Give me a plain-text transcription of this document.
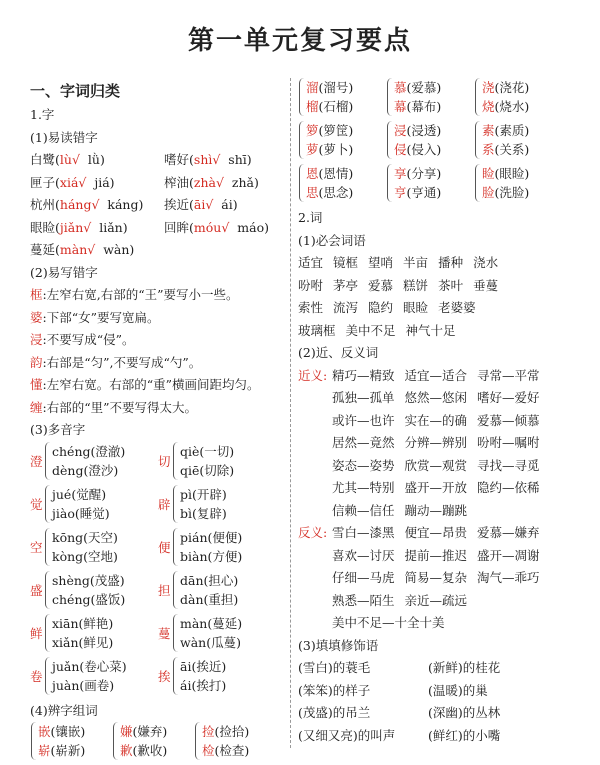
第一单元复习要点
一、字词归类
1.字
(1)易读错字
白鹭(lù√ lǜ)	嗜好(shì√ shī)
匣子(xiá√ jiá)	榨油(zhà√ zhǎ)
杭州(háng√ káng) 挨近(āi√ ái)
眼睑(jiǎn√ liǎn)	回眸(móu√ máo)
蔓延(màn√ wàn)
(2)易写错字
框:左窄右宽,右部的“王”要写小一些。
婆:下部“女”要写宽扁。
浸:不要写成“侵”。
韵:右部是“匀”,不要写成“勺”。
懂:左窄右宽。右部的“重”横画间距均匀。
缠:右部的“里”不要写得太大。
(3)多音字
澄
chéng(澄澈)
dèng(澄沙)
切
qiè(一切)
qiē(切除)
觉
jué(觉醒)
jiào(睡觉)
辟
pì(开辟)
bì(复辟)
空
kōng(天空)
kòng(空地)
便
pián(便便)
biàn(方便)
盛
shèng(茂盛)
chéng(盛饭)
担
dān(担心)
dàn(重担)
鲜
xiān(鲜艳)
xiǎn(鲜见)
蔓
màn(蔓延)
wàn(瓜蔓)
卷
juǎn(卷心菜)
juàn(画卷)
挨
āi(挨近)
ái(挨打)
(4)辨字组词
嵌(镶嵌)
崭(崭新)
嫌(嫌弃)
歉(歉收)
捡(捡拾)
检(检查)
溜(溜号)
榴(石榴)
慕(爱慕)
幕(幕布)
浇(浇花)
烧(烧水)
箩(箩筐)
萝(萝卜)
浸(浸透)
侵(侵入)
素(素质)
系(关系)
恩(恩情)
思(思念)
享(分享)
亨(亨通)
睑(眼睑)
脸(洗脸)
2.词
(1)必会词语
适宜 镜框 望哨 半亩 播种 浇水
吩咐 茅亭 爱慕 糕饼 茶叶 垂蔓
索性 流泻 隐约 眼睑 老婆婆
玻璃框 美中不足 神气十足
(2)近、反义词
近义: 精巧—精致 适宜—适合 寻常—平常
孤独—孤单 悠然—悠闲 嗜好—爱好
或许—也许 实在—的确 爱慕—倾慕
居然—竟然 分辨—辨别 吩咐—嘱咐
姿态—姿势 欣赏—观赏 寻找—寻觅
尤其—特别 盛开—开放 隐约—依稀
信赖—信任 蹦动—蹦跳
反义: 雪白—漆黑 便宜—昂贵 爱慕—嫌弃
喜欢—讨厌 提前—推迟 盛开—凋谢
仔细—马虎 简易—复杂 淘气—乖巧
熟悉—陌生 亲近—疏远
美中不足—十全十美
(3)填填修饰语
(雪白)的蓑毛	(新鲜)的桂花
(笨笨)的样子	(温暖)的巢
(茂盛)的吊兰	(深幽)的丛林
(又细又亮)的叫声	(鲜红)的小嘴
